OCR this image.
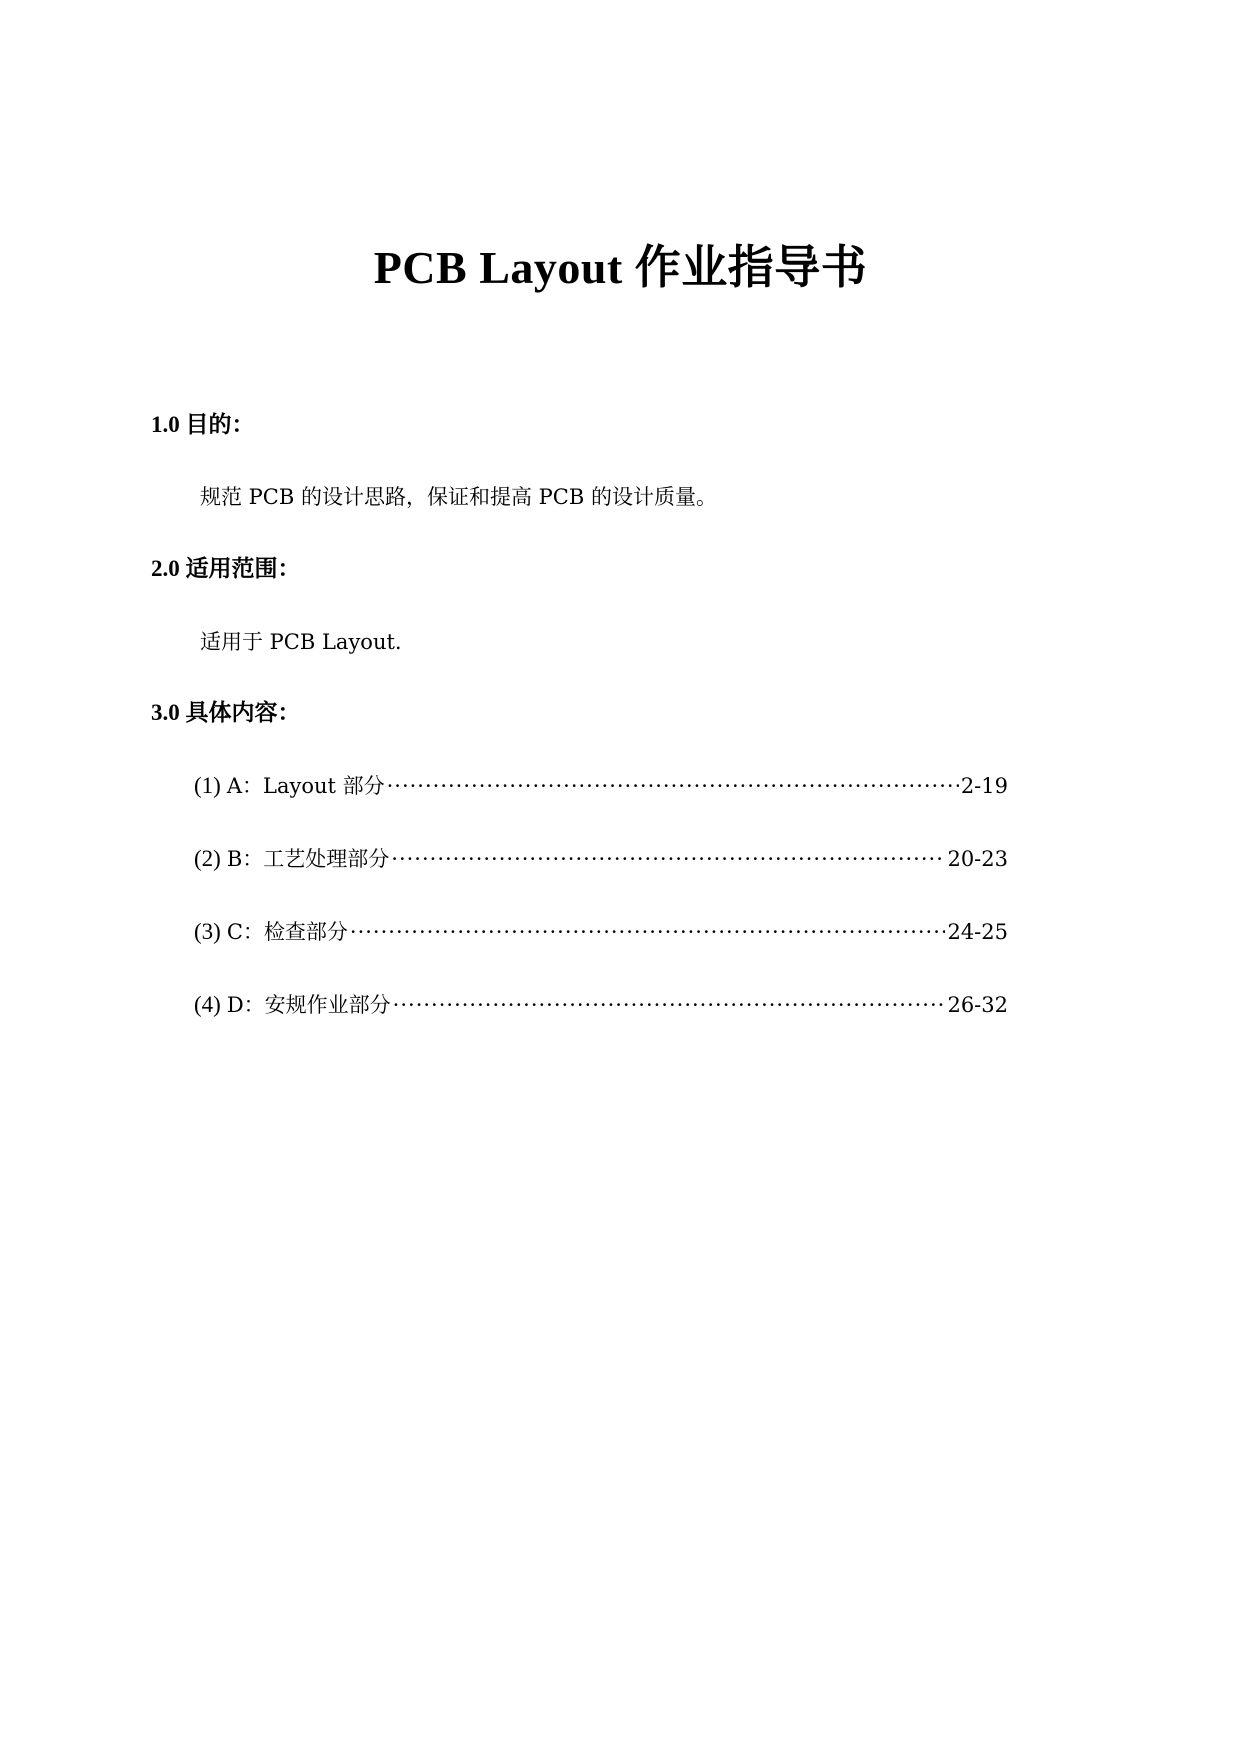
PCB Layout 作业指导书
1.0 目的：
规范 PCB 的设计思路，保证和提高 PCB 的设计质量。
2.0 适用范围：
适用于 PCB Layout.
3.0 具体内容：
(1) A：Layout 部分 ·····	2-19
(2) B：工艺处理部分 ·····	20-23
(3) C：检查部分 ·····	24-25
(4) D：安规作业部分 ·····	26-32
